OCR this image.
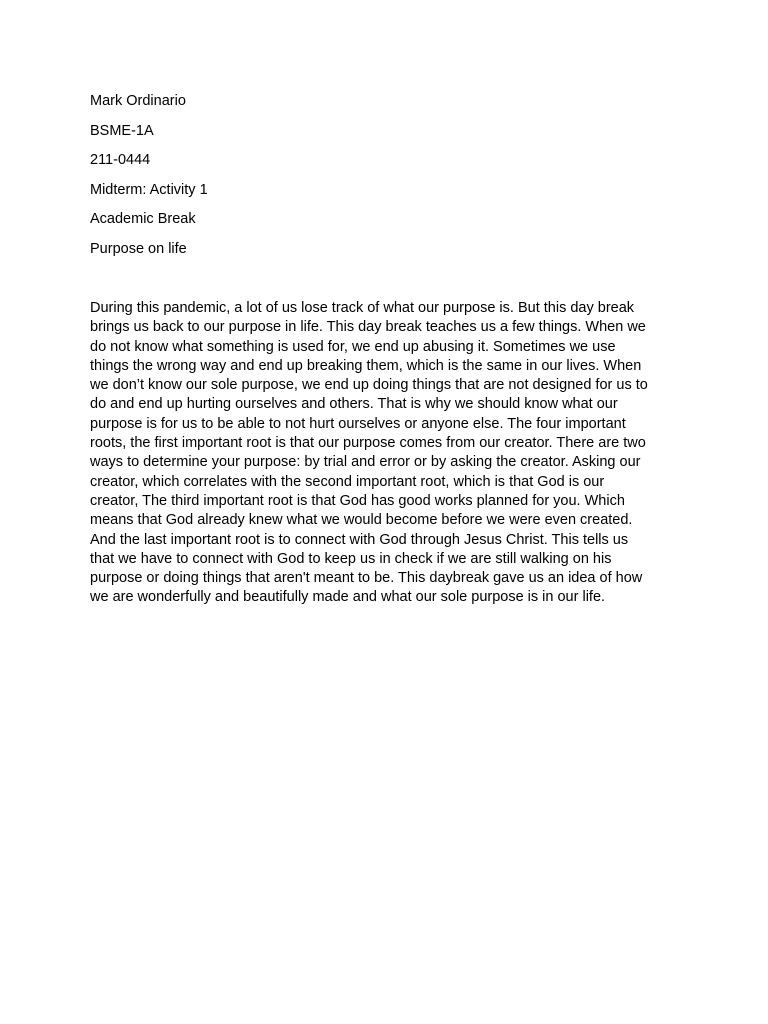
Mark Ordinario
BSME-1A
211-0444
Midterm: Activity 1
Academic Break
Purpose on life

During this pandemic, a lot of us lose track of what our purpose is. But this day break
brings us back to our purpose in life. This day break teaches us a few things. When we
do not know what something is used for, we end up abusing it. Sometimes we use
things the wrong way and end up breaking them, which is the same in our lives. When
we don’t know our sole purpose, we end up doing things that are not designed for us to
do and end up hurting ourselves and others. That is why we should know what our
purpose is for us to be able to not hurt ourselves or anyone else. The four important
roots, the first important root is that our purpose comes from our creator. There are two
ways to determine your purpose: by trial and error or by asking the creator. Asking our
creator, which correlates with the second important root, which is that God is our
creator, The third important root is that God has good works planned for you. Which
means that God already knew what we would become before we were even created.
And the last important root is to connect with God through Jesus Christ. This tells us
that we have to connect with God to keep us in check if we are still walking on his
purpose or doing things that aren't meant to be. This daybreak gave us an idea of how
we are wonderfully and beautifully made and what our sole purpose is in our life.
